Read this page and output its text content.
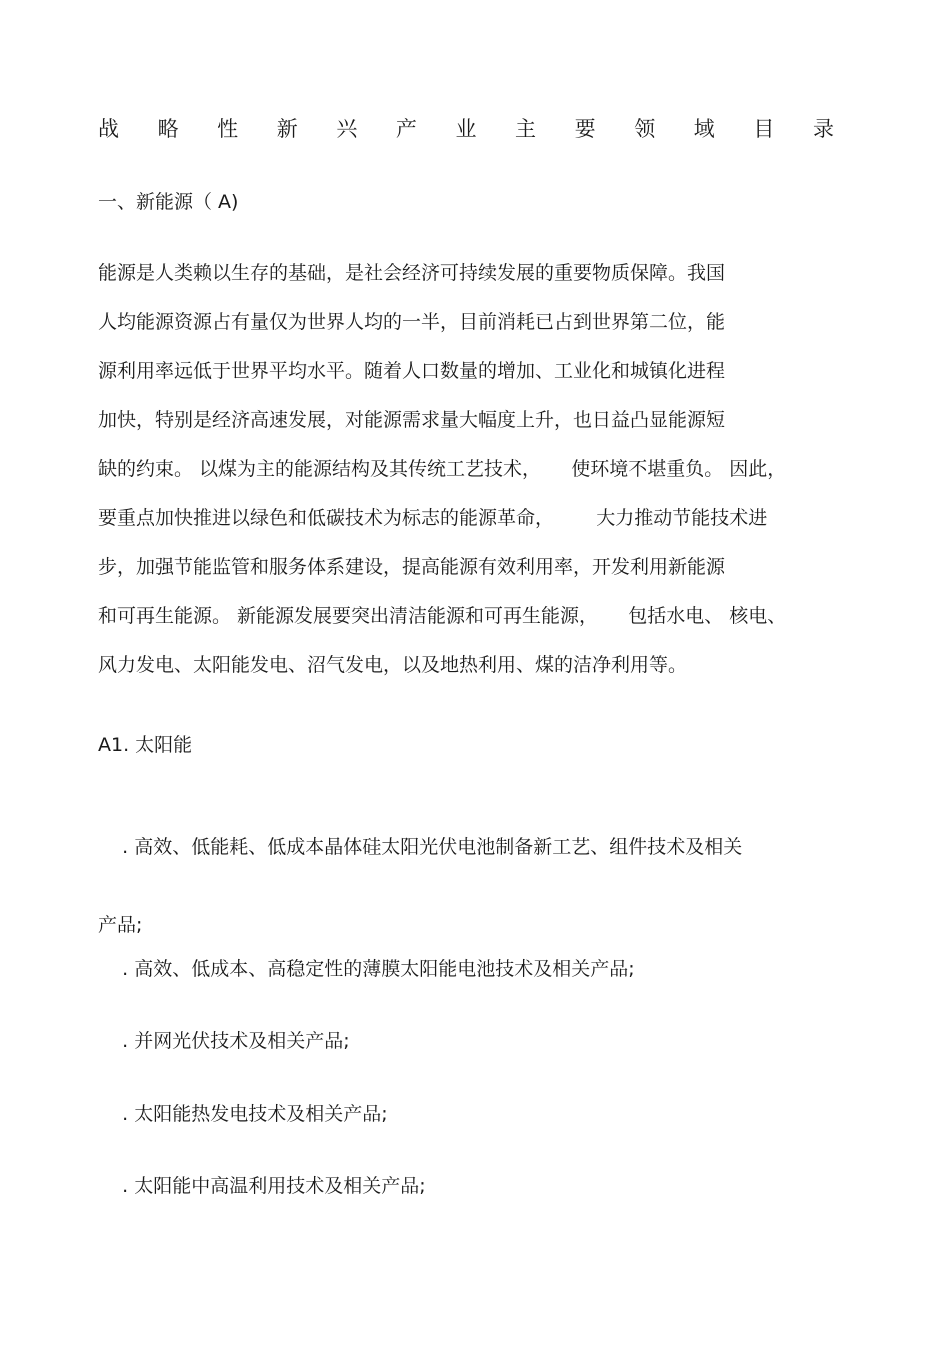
战 略 性 新 兴 产 业 主 要 领 域 目 录
一、新能源（ A)
能源是人类赖以生存的基础，是社会经济可持续发展的重要物质保障。我国
人均能源资源占有量仅为世界人均的一半，目前消耗已占到世界第二位，能
源利用率远低于世界平均水平。随着人口数量的增加、工业化和城镇化进程
加快，特别是经济高速发展，对能源需求量大幅度上升，也日益凸显能源短
缺的约束。 以煤为主的能源结构及其传统工艺技术，     使环境不堪重负。 因此，
要重点加快推进以绿色和低碳技术为标志的能源革命，       大力推动节能技术进
步，加强节能监管和服务体系建设，提高能源有效利用率，开发利用新能源
和可再生能源。 新能源发展要突出清洁能源和可再生能源，     包括水电、 核电、
风力发电、太阳能发电、沼气发电，以及地热利用、煤的洁净利用等。
A1. 太阳能

. 高效、低能耗、低成本晶体硅太阳光伏电池制备新工艺、组件技术及相关

产品;

. 高效、低成本、高稳定性的薄膜太阳能电池技术及相关产品;

. 并网光伏技术及相关产品;

. 太阳能热发电技术及相关产品;

. 太阳能中高温利用技术及相关产品;
